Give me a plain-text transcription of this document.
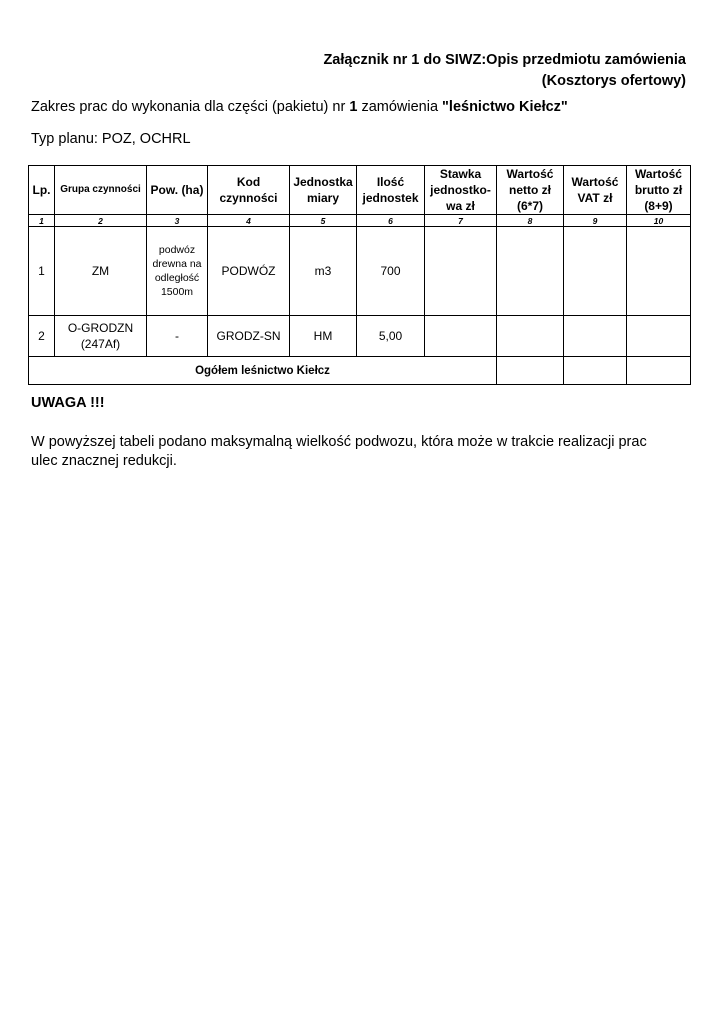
Załącznik nr 1 do SIWZ:Opis przedmiotu zamówienia
(Kosztorys ofertowy)
Zakres prac do wykonania dla części (pakietu) nr 1 zamówienia "leśnictwo Kiełcz"
Typ planu: POZ, OCHRL
Lp.	Grupa czynności	Pow. (ha)	Kod czynności	Jednostka miary	Ilość jednostek	Stawka jednostko-wa zł	Wartość netto zł (6*7)	Wartość VAT zł	Wartość brutto zł (8+9)
1	2	3	4	5	6	7	8	9	10
1	ZM	podwóz drewna na odległość 1500m	PODWÓZ	m3	700				
2	O-GRODZN (247Af)	-	GRODZ-SN	HM	5,00				
Ogółem leśnictwo Kiełcz									
UWAGA !!!
W powyższej tabeli podano maksymalną wielkość podwozu, która może w trakcie realizacji prac ulec znacznej redukcji.
